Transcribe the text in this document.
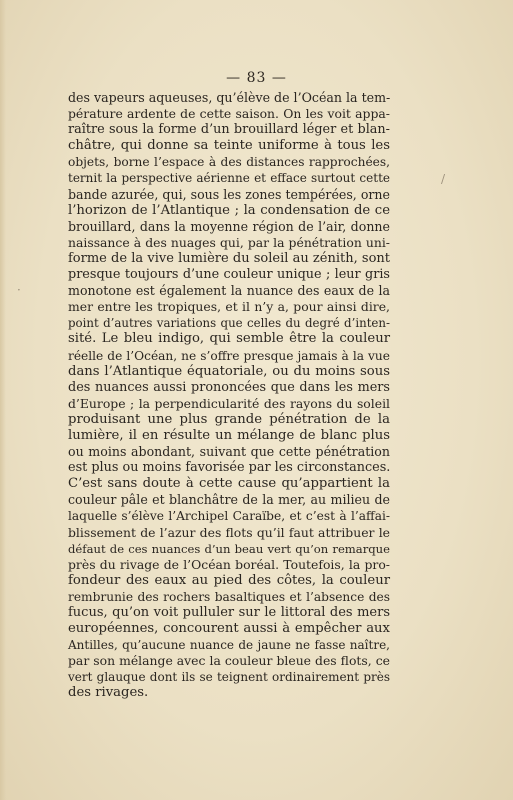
— 83 —
des vapeurs aqueuses, qu’élève de l’Océan la tem-
pérature ardente de cette saison. On les voit appa-
raître sous la forme d’un brouillard léger et blan-
châtre, qui donne sa teinte uniforme à tous les
objets, borne l’espace à des distances rapprochées,
ternit la perspective aérienne et efface surtout cette
bande azurée, qui, sous les zones tempérées, orne
l’horizon de l’Atlantique ; la condensation de ce
brouillard, dans la moyenne région de l’air, donne
naissance à des nuages qui, par la pénétration uni-
forme de la vive lumière du soleil au zénith, sont
presque toujours d’une couleur unique ; leur gris
monotone est également la nuance des eaux de la
mer entre les tropiques, et il n’y a, pour ainsi dire,
point d’autres variations que celles du degré d’inten-
sité. Le bleu indigo, qui semble être la couleur
réelle de l’Océan, ne s’offre presque jamais à la vue
dans l’Atlantique équatoriale, ou du moins sous
des nuances aussi prononcées que dans les mers
d’Europe ; la perpendicularité des rayons du soleil
produisant une plus grande pénétration de la
lumière, il en résulte un mélange de blanc plus
ou moins abondant, suivant que cette pénétration
est plus ou moins favorisée par les circonstances.
C’est sans doute à cette cause qu’appartient la
couleur pâle et blanchâtre de la mer, au milieu de
laquelle s’élève l’Archipel Caraïbe, et c’est à l’affai-
blissement de l’azur des flots qu’il faut attribuer le
défaut de ces nuances d’un beau vert qu’on remarque
près du rivage de l’Océan boréal. Toutefois, la pro-
fondeur des eaux au pied des côtes, la couleur
rembrunie des rochers basaltiques et l’absence des
fucus, qu’on voit pulluler sur le littoral des mers
européennes, concourent aussi à empêcher aux
Antilles, qu’aucune nuance de jaune ne fasse naître,
par son mélange avec la couleur bleue des flots, ce
vert glauque dont ils se teignent ordinairement près
des rivages.
/
·
